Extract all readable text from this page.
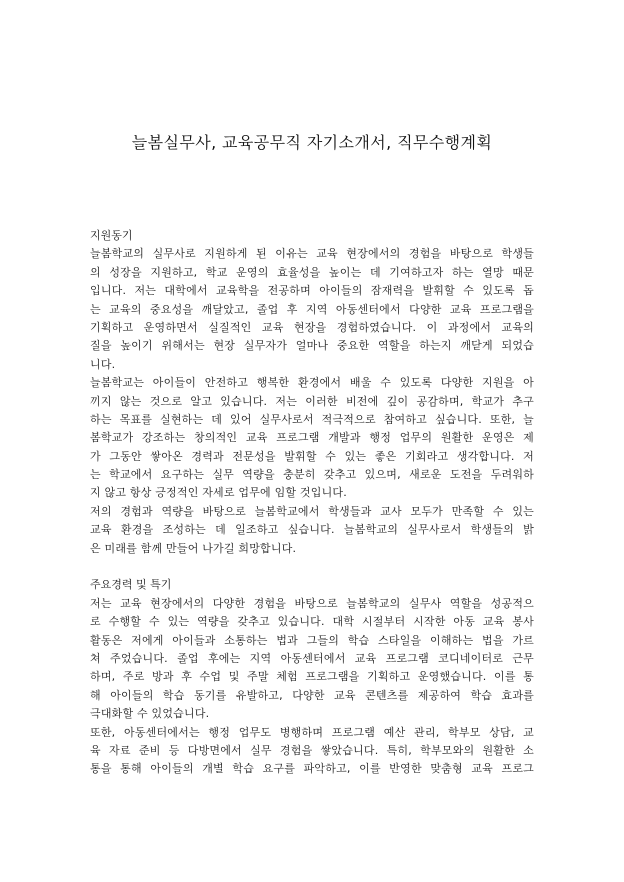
늘봄실무사, 교육공무직 자기소개서, 직무수행계획
지원동기
늘봄학교의 실무사로 지원하게 된 이유는 교육 현장에서의 경험을 바탕으로 학생들
의 성장을 지원하고, 학교 운영의 효율성을 높이는 데 기여하고자 하는 열망 때문
입니다. 저는 대학에서 교육학을 전공하며 아이들의 잠재력을 발휘할 수 있도록 돕
는 교육의 중요성을 깨달았고, 졸업 후 지역 아동센터에서 다양한 교육 프로그램을
기획하고 운영하면서 실질적인 교육 현장을 경험하였습니다. 이 과정에서 교육의
질을 높이기 위해서는 현장 실무자가 얼마나 중요한 역할을 하는지 깨닫게 되었습
니다.
늘봄학교는 아이들이 안전하고 행복한 환경에서 배울 수 있도록 다양한 지원을 아
끼지 않는 것으로 알고 있습니다. 저는 이러한 비전에 깊이 공감하며, 학교가 추구
하는 목표를 실현하는 데 있어 실무사로서 적극적으로 참여하고 싶습니다. 또한, 늘
봄학교가 강조하는 창의적인 교육 프로그램 개발과 행정 업무의 원활한 운영은 제
가 그동안 쌓아온 경력과 전문성을 발휘할 수 있는 좋은 기회라고 생각합니다. 저
는 학교에서 요구하는 실무 역량을 충분히 갖추고 있으며, 새로운 도전을 두려워하
지 않고 항상 긍정적인 자세로 업무에 임할 것입니다.
저의 경험과 역량을 바탕으로 늘봄학교에서 학생들과 교사 모두가 만족할 수 있는
교육 환경을 조성하는 데 일조하고 싶습니다. 늘봄학교의 실무사로서 학생들의 밝
은 미래를 함께 만들어 나가길 희망합니다.
주요경력 및 특기
저는 교육 현장에서의 다양한 경험을 바탕으로 늘봄학교의 실무사 역할을 성공적으
로 수행할 수 있는 역량을 갖추고 있습니다. 대학 시절부터 시작한 아동 교육 봉사
활동은 저에게 아이들과 소통하는 법과 그들의 학습 스타일을 이해하는 법을 가르
쳐 주었습니다. 졸업 후에는 지역 아동센터에서 교육 프로그램 코디네이터로 근무
하며, 주로 방과 후 수업 및 주말 체험 프로그램을 기획하고 운영했습니다. 이를 통
해 아이들의 학습 동기를 유발하고, 다양한 교육 콘텐츠를 제공하여 학습 효과를
극대화할 수 있었습니다.
또한, 아동센터에서는 행정 업무도 병행하며 프로그램 예산 관리, 학부모 상담, 교
육 자료 준비 등 다방면에서 실무 경험을 쌓았습니다. 특히, 학부모와의 원활한 소
통을 통해 아이들의 개별 학습 요구를 파악하고, 이를 반영한 맞춤형 교육 프로그
